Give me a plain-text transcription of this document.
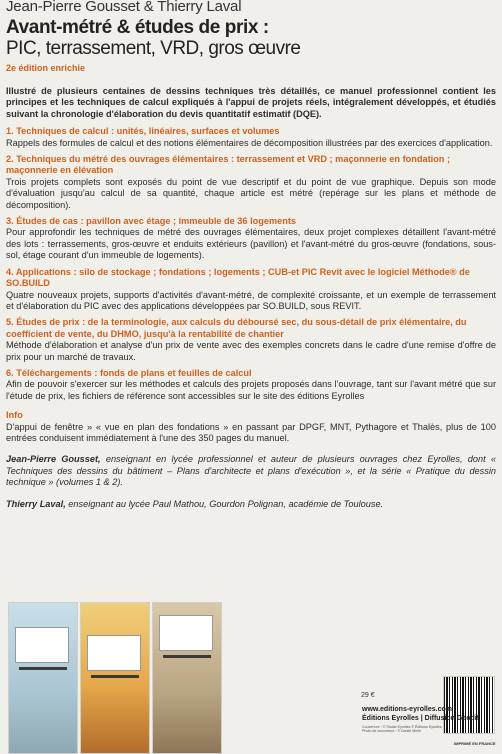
Jean-Pierre Gousset & Thierry Laval
Avant-métré & études de prix :
PIC, terrassement, VRD, gros œuvre
2e édition enrichie
Illustré de plusieurs centaines de dessins techniques très détaillés, ce manuel professionnel contient les principes et les techniques de calcul expliqués à l'appui de projets réels, intégralement développés, et étudiés suivant la chronologie d'élaboration du devis quantitatif estimatif (DQE).
1. Techniques de calcul : unités, linéaires, surfaces et volumes
Rappels des formules de calcul et des notions élémentaires de décomposition illustrées par des exercices d'application.
2. Techniques du métré des ouvrages élémentaires : terrassement et VRD ; maçonnerie en fondation ; maçonnerie en élévation
Trois projets complets sont exposés du point de vue descriptif et du point de vue graphique. Depuis son mode d'évaluation jusqu'au calcul de sa quantité, chaque article est métré (repérage sur les plans et méthode de décomposition).
3. Études de cas : pavillon avec étage ; immeuble de 36 logements
Pour approfondir les techniques de métré des ouvrages élémentaires, deux projet complexes détaillent l'avant-métré des lots : terrassements, gros-œuvre et enduits extérieurs (pavillon) et l'avant-métré du gros-œuvre (fondations, sous-sol, étage courant d'un immeuble de logements).
4. Applications : silo de stockage ; fondations ; logements ; CUB-et PIC Revit avec le logiciel Méthode® de SO.BUILD
Quatre nouveaux projets, supports d'activités d'avant-métré, de complexité croissante, et un exemple de terrassement et d'élaboration du PIC avec des applications développées par SO.BUILD, sous REVIT.
5. Études de prix : de la terminologie, aux calculs du déboursé sec, du sous-détail de prix élémentaire, du coefficient de vente, du DHMO, jusqu'à la rentabilité de chantier
Méthode d'élaboration et analyse d'un prix de vente avec des exemples concrets dans le cadre d'une remise d'offre de prix pour un marché de travaux.
6. Téléchargements : fonds de plans et feuilles de calcul
Afin de pouvoir s'exercer sur les méthodes et calculs des projets proposés dans l'ouvrage, tant sur l'avant métré que sur l'étude de prix, les fichiers de référence sont accessibles sur le site des éditions Eyrolles
Info
D'appui de fenêtre » « vue en plan des fondations » en passant par DPGF, MNT, Pythagore et Thalès, plus de 100 entrées conduisent immédiatement à l'une des 350 pages du manuel.
Jean-Pierre Gousset, enseignant en lycée professionnel et auteur de plusieurs ouvrages chez Eyrolles, dont « Techniques des dessins du bâtiment – Plans d'architecte et plans d'exécution », et la série « Pratique du dessin technique » (volumes 1 & 2).
Thierry Laval, enseignant au lycée Paul Mathou, Gourdon Polignan, académie de Toulouse.
29 €
www.editions-eyrolles.com
Éditions Eyrolles | Diffusion Geodif
Couverture : © Studio Eyrolles © Éditions Eyrolles Photo de couverture : © Daniel Merle
IMPRIMÉ EN FRANCE
